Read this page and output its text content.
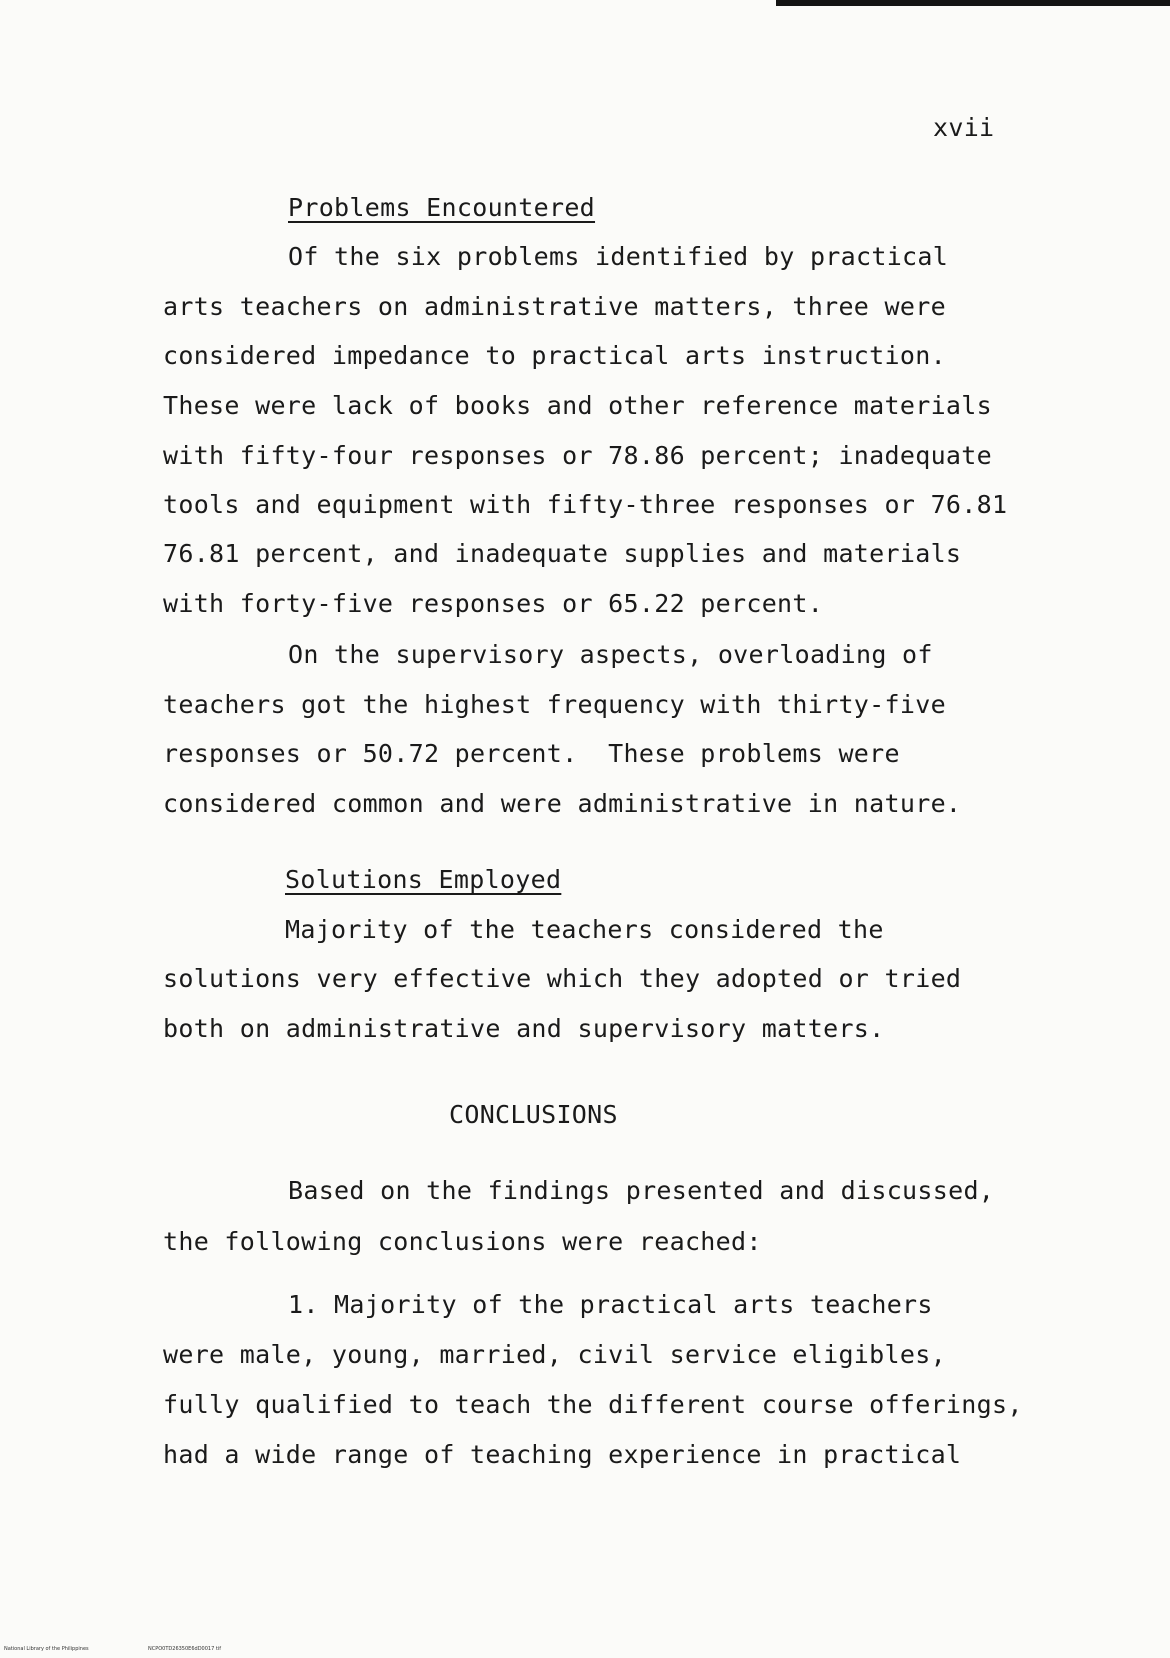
xvii
Problems Encountered
Of the six problems identified by practical
arts teachers on administrative matters, three were
considered impedance to practical arts instruction.
These were lack of books and other reference materials
with fifty-four responses or 78.86 percent; inadequate
tools and equipment with fifty-three responses or 76.81
76.81 percent, and inadequate supplies and materials
with forty-five responses or 65.22 percent.
On the supervisory aspects, overloading of
teachers got the highest frequency with thirty-five
responses or 50.72 percent.  These problems were
considered common and were administrative in nature.
Solutions Employed
Majority of the teachers considered the
solutions very effective which they adopted or tried
both on administrative and supervisory matters.
CONCLUSIONS
Based on the findings presented and discussed,
the following conclusions were reached:
1. Majority of the practical arts teachers
were male, young, married, civil service eligibles,
fully qualified to teach the different course offerings,
had a wide range of teaching experience in practical
National Library of the Philippines	NCPO0TD26350E6dD0017 tif
